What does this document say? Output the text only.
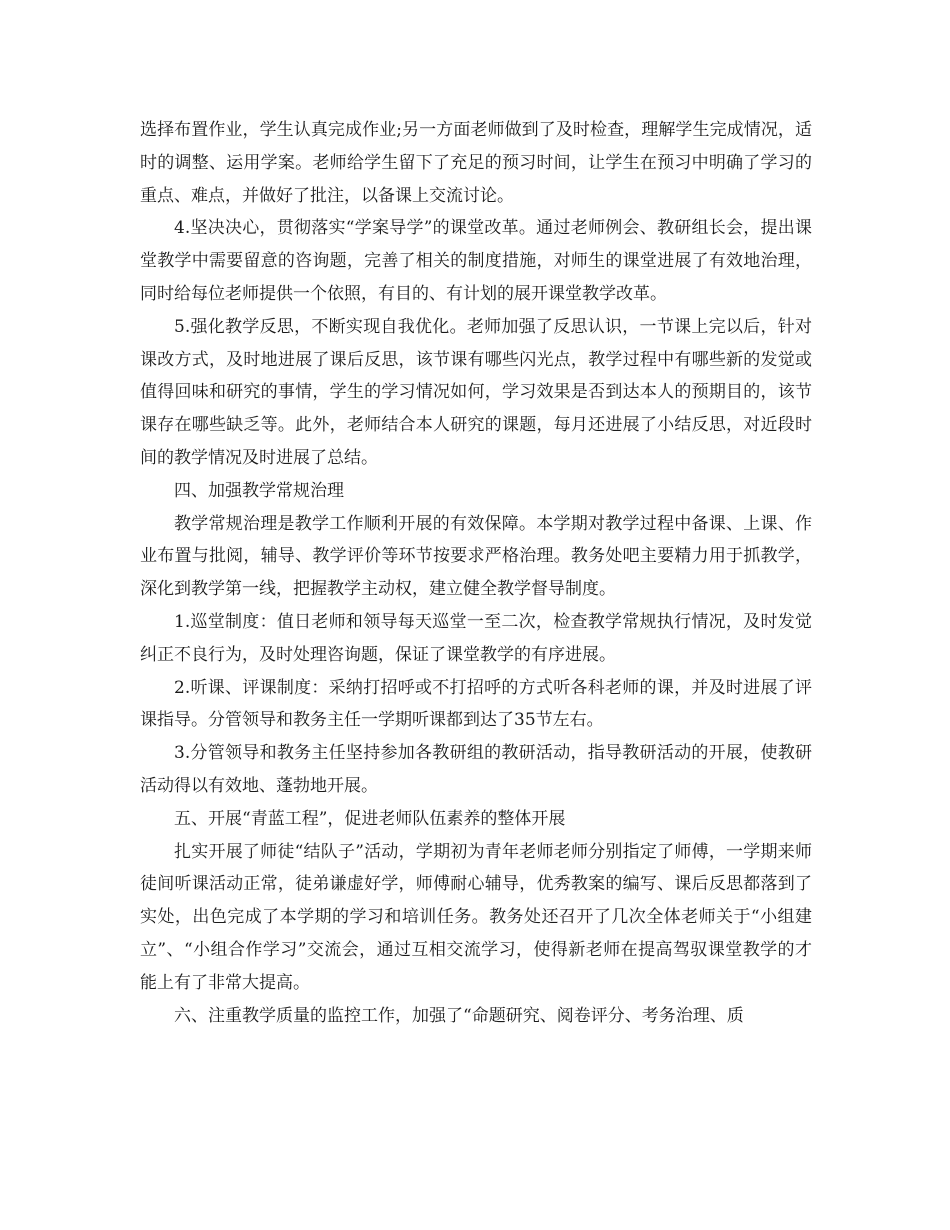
选择布置作业，学生认真完成作业;另一方面老师做到了及时检查，理解学生完成情况，适时的调整、运用学案。老师给学生留下了充足的预习时间，让学生在预习中明确了学习的重点、难点，并做好了批注，以备课上交流讨论。

4.坚决决心，贯彻落实“学案导学”的课堂改革。通过老师例会、教研组长会，提出课堂教学中需要留意的咨询题，完善了相关的制度措施，对师生的课堂进展了有效地治理，同时给每位老师提供一个依照，有目的、有计划的展开课堂教学改革。

5.强化教学反思，不断实现自我优化。老师加强了反思认识，一节课上完以后，针对课改方式，及时地进展了课后反思，该节课有哪些闪光点，教学过程中有哪些新的发觉或值得回味和研究的事情，学生的学习情况如何，学习效果是否到达本人的预期目的，该节课存在哪些缺乏等。此外，老师结合本人研究的课题，每月还进展了小结反思，对近段时间的教学情况及时进展了总结。

四、加强教学常规治理

教学常规治理是教学工作顺利开展的有效保障。本学期对教学过程中备课、上课、作业布置与批阅，辅导、教学评价等环节按要求严格治理。教务处吧主要精力用于抓教学，深化到教学第一线，把握教学主动权，建立健全教学督导制度。

1.巡堂制度：值日老师和领导每天巡堂一至二次，检查教学常规执行情况，及时发觉纠正不良行为，及时处理咨询题，保证了课堂教学的有序进展。

2.听课、评课制度：采纳打招呼或不打招呼的方式听各科老师的课，并及时进展了评课指导。分管领导和教务主任一学期听课都到达了35节左右。

3.分管领导和教务主任坚持参加各教研组的教研活动，指导教研活动的开展，使教研活动得以有效地、蓬勃地开展。

五、开展“青蓝工程”，促进老师队伍素养的整体开展

扎实开展了师徒“结队子”活动，学期初为青年老师老师分别指定了师傅，一学期来师徒间听课活动正常，徒弟谦虚好学，师傅耐心辅导，优秀教案的编写、课后反思都落到了实处，出色完成了本学期的学习和培训任务。教务处还召开了几次全体老师关于“小组建立”、“小组合作学习”交流会，通过互相交流学习，使得新老师在提高驾驭课堂教学的才能上有了非常大提高。

六、注重教学质量的监控工作，加强了“命题研究、阅卷评分、考务治理、质
